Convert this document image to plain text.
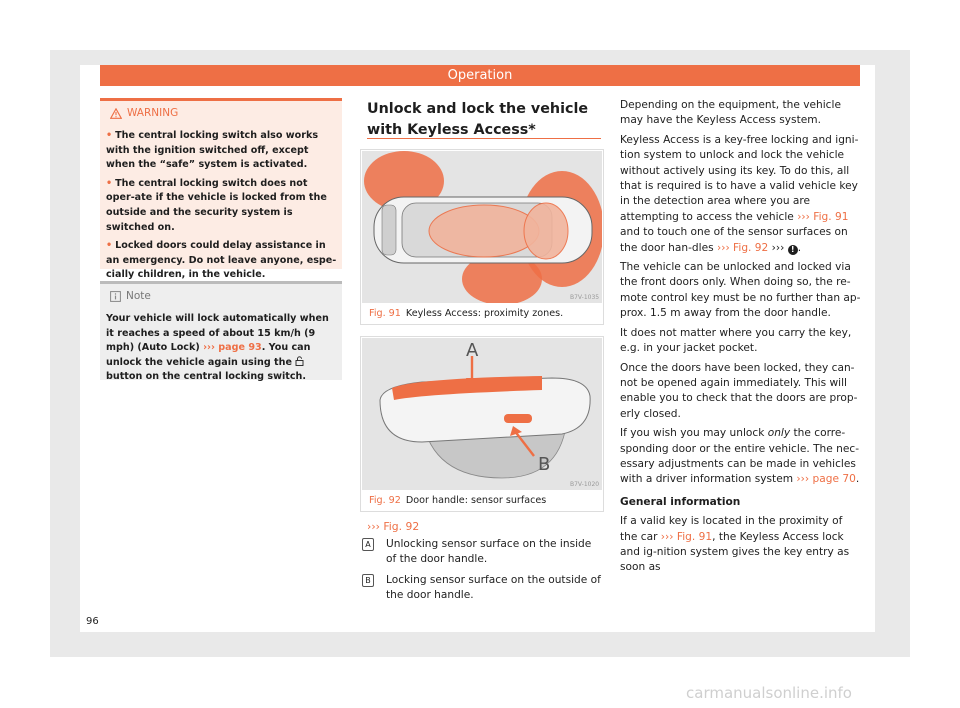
Operation
WARNING
• The central locking switch also works with the ignition switched off, except when the “safe” system is activated.
• The central locking switch does not oper-ate if the vehicle is locked from the outside and the security system is switched on.
• Locked doors could delay assistance in an emergency. Do not leave anyone, espe-cially children, in the vehicle.
Note

Your vehicle will lock automatically when it reaches a speed of about 15 km/h (9 mph) (Auto Lock) ››› page 93. You can unlock the vehicle again using the  button on the central locking switch.

Unlock and lock the vehicle with Keyless Access*
B7V-1035
Fig. 91 Keyless Access: proximity zones.
A
B
B7V-1020
Fig. 92 Door handle: sensor surfaces
››› Fig. 92
A	Unlocking sensor surface on the inside of the door handle.
B	Locking sensor surface on the outside of the door handle.

Depending on the equipment, the vehicle may have the Keyless Access system.

Keyless Access is a key-free locking and igni-tion system to unlock and lock the vehicle without actively using its key. To do this, all that is required is to have a valid vehicle key in the detection area where you are attempting to access the vehicle ››› Fig. 91 and to touch one of the sensor surfaces on the door han-dles ››› Fig. 92 ››› ! .

The vehicle can be unlocked and locked via the front doors only. When doing so, the re-mote control key must be no further than ap-prox. 1.5 m away from the door handle.

It does not matter where you carry the key, e.g. in your jacket pocket.

Once the doors have been locked, they can-not be opened again immediately. This will enable you to check that the doors are prop-erly closed.

If you wish you may unlock only the corre-sponding door or the entire vehicle. The nec-essary adjustments can be made in vehicles with a driver information system ››› page 70.

General information

If a valid key is located in the proximity of the car ››› Fig. 91, the Keyless Access lock and ig-nition system gives the key entry as soon as

96
carmanualsonline.info
